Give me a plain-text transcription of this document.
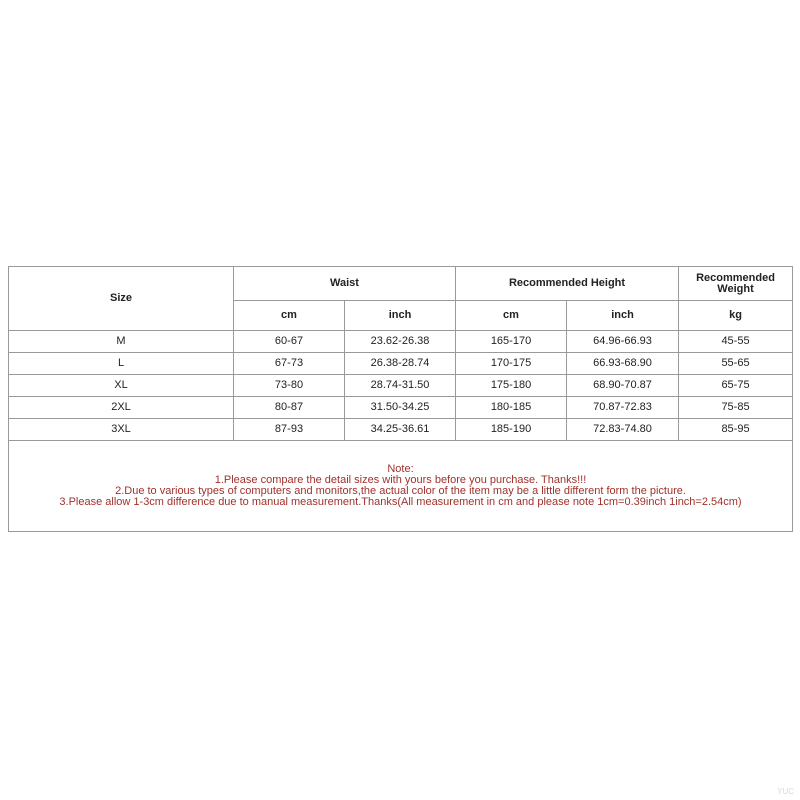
Size	Waist		Recommended Height		Recommended Weight
	cm	inch	cm	inch	kg
M	60-67	23.62-26.38	165-170	64.96-66.93	45-55
L	67-73	26.38-28.74	170-175	66.93-68.90	55-65
XL	73-80	28.74-31.50	175-180	68.90-70.87	65-75
2XL	80-87	31.50-34.25	180-185	70.87-72.83	75-85
3XL	87-93	34.25-36.61	185-190	72.83-74.80	85-95

Note:
1.Please compare the detail sizes with yours before you purchase. Thanks!!!
2.Due to various types of computers and monitors,the actual color of the item may be a little different form the picture.
3.Please allow 1-3cm difference due to manual measurement.Thanks(All measurement in cm and please note 1cm=0.39inch 1inch=2.54cm)					
YUC
